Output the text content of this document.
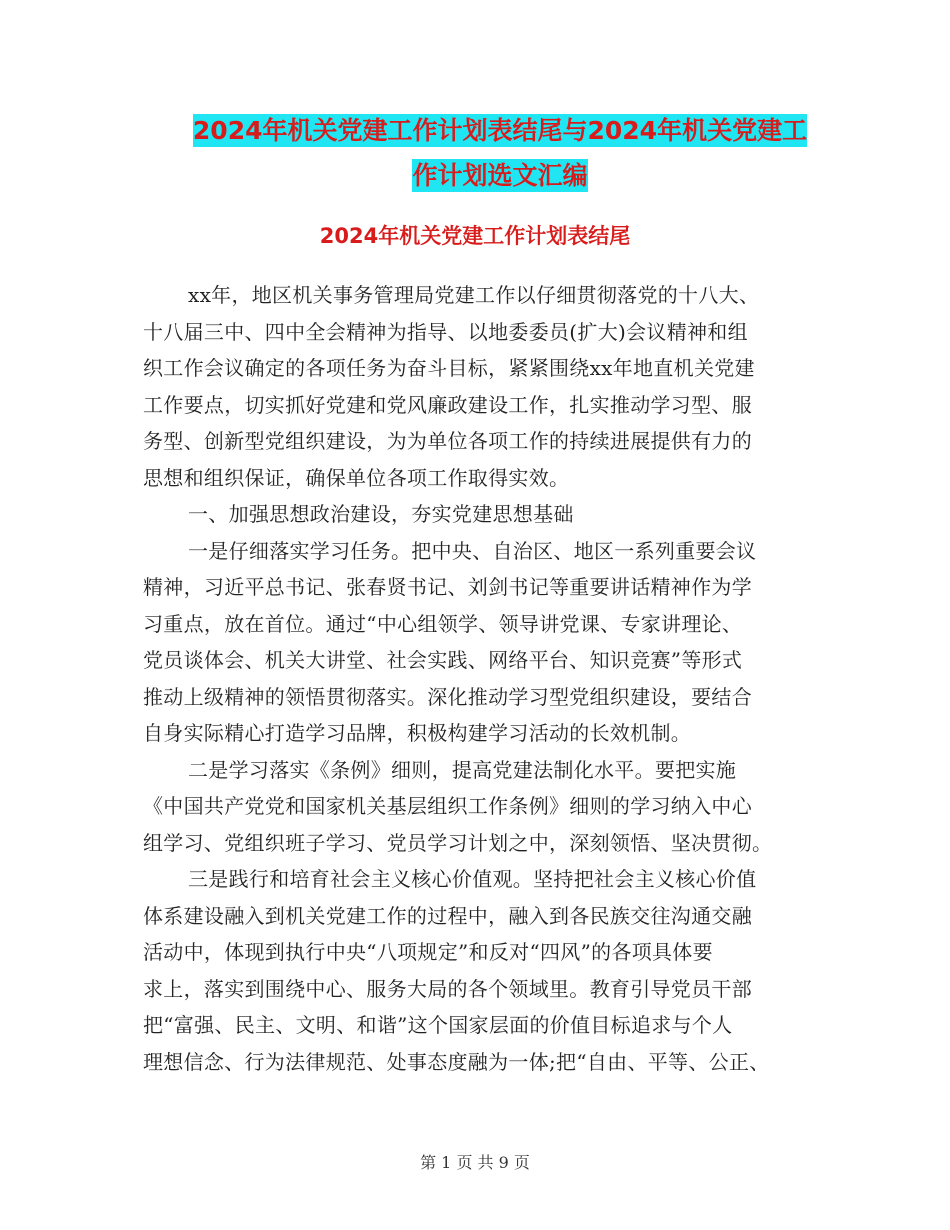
2024年机关党建工作计划表结尾与2024年机关党建工
作计划选文汇编
2024年机关党建工作计划表结尾
xx年，地区机关事务管理局党建工作以仔细贯彻落党的十八大、
十八届三中、四中全会精神为指导、以地委委员(扩大)会议精神和组
织工作会议确定的各项任务为奋斗目标，紧紧围绕xx年地直机关党建
工作要点，切实抓好党建和党风廉政建设工作，扎实推动学习型、服
务型、创新型党组织建设，为为单位各项工作的持续进展提供有力的
思想和组织保证，确保单位各项工作取得实效。
一、加强思想政治建设，夯实党建思想基础
一是仔细落实学习任务。把中央、自治区、地区一系列重要会议
精神，习近平总书记、张春贤书记、刘剑书记等重要讲话精神作为学
习重点，放在首位。通过“中心组领学、领导讲党课、专家讲理论、
党员谈体会、机关大讲堂、社会实践、网络平台、知识竞赛”等形式
推动上级精神的领悟贯彻落实。深化推动学习型党组织建设，要结合
自身实际精心打造学习品牌，积极构建学习活动的长效机制。
二是学习落实《条例》细则，提高党建法制化水平。要把实施
《中国共产党党和国家机关基层组织工作条例》细则的学习纳入中心
组学习、党组织班子学习、党员学习计划之中，深刻领悟、坚决贯彻。
三是践行和培育社会主义核心价值观。坚持把社会主义核心价值
体系建设融入到机关党建工作的过程中，融入到各民族交往沟通交融
活动中，体现到执行中央“八项规定”和反对“四风”的各项具体要
求上，落实到围绕中心、服务大局的各个领域里。教育引导党员干部
把“富强、民主、文明、和谐”这个国家层面的价值目标追求与个人
理想信念、行为法律规范、处事态度融为一体;把“自由、平等、公正、
第 1 页 共 9 页
